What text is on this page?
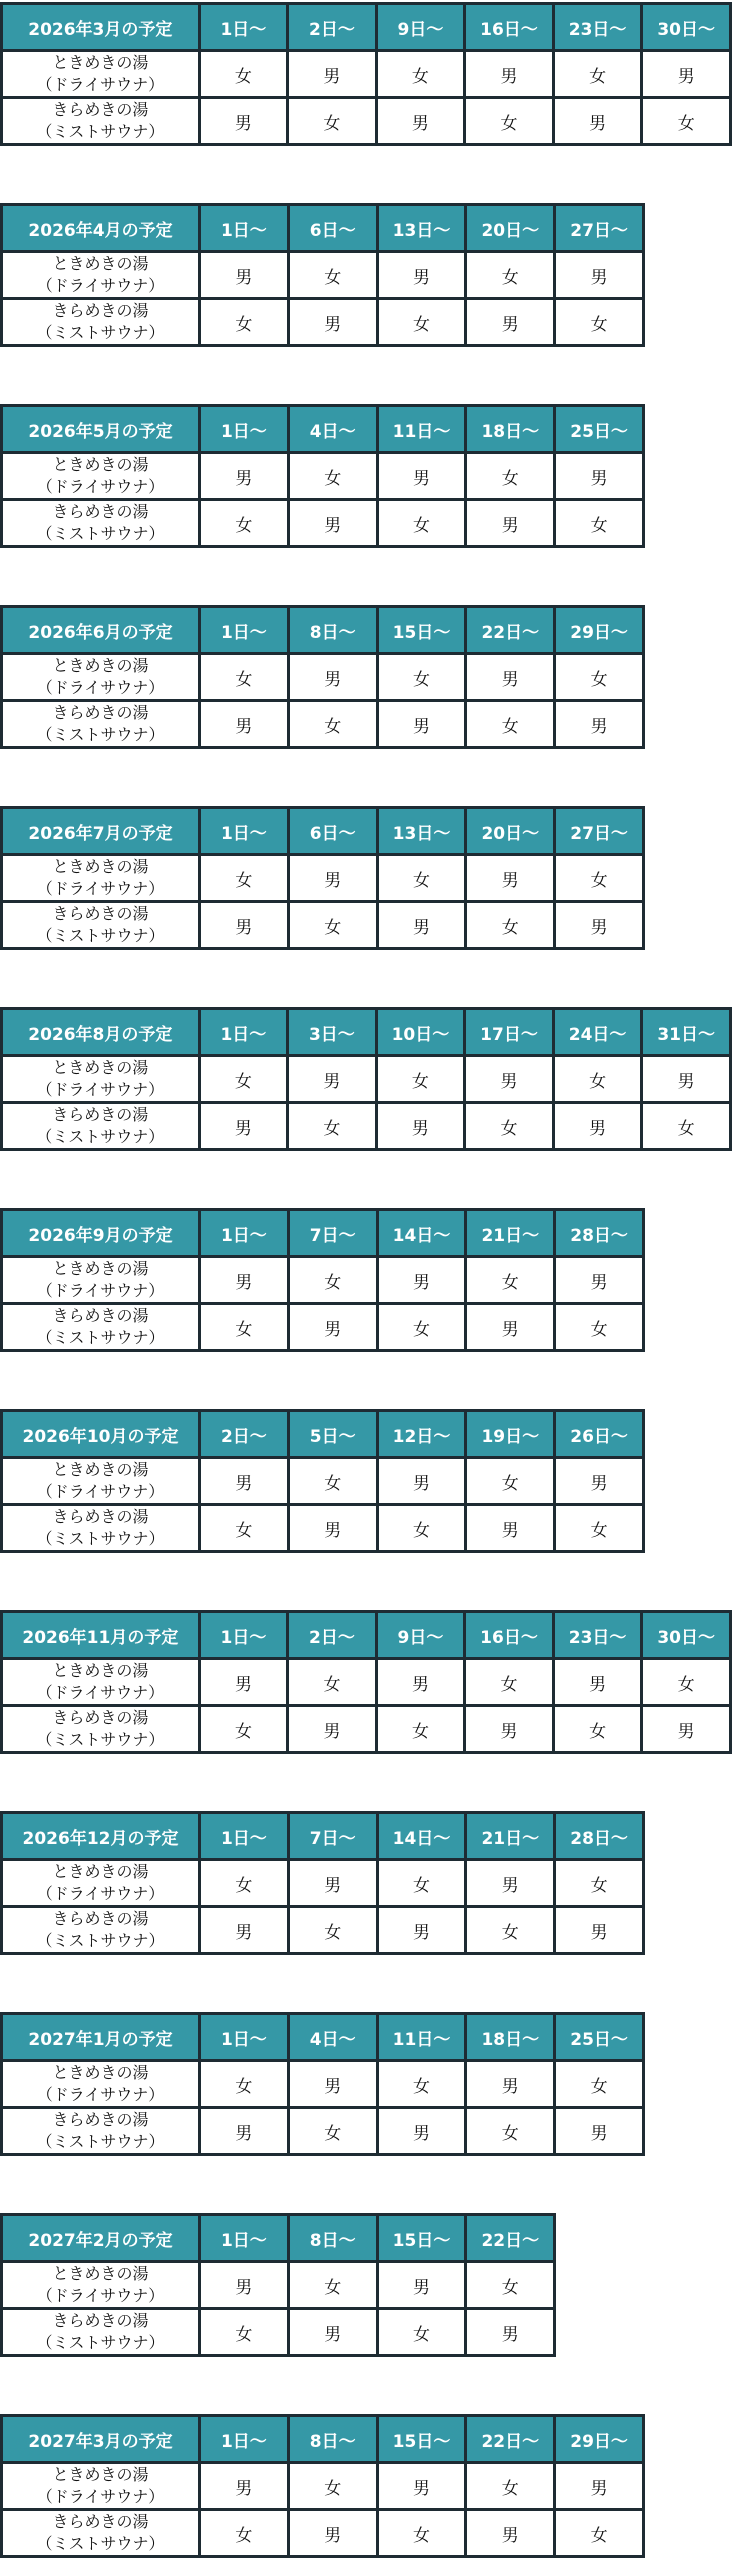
2026年3月の予定	1日～	2日～	9日～	16日～	23日～	30日～

ときめきの湯
（ドライサウナ）	女	男	女	男	女	男

きらめきの湯
（ミストサウナ）	男	女	男	女	男	女
2026年4月の予定	1日～	6日～	13日～	20日～	27日～

ときめきの湯
（ドライサウナ）	男	女	男	女	男

きらめきの湯
（ミストサウナ）	女	男	女	男	女
2026年5月の予定	1日～	4日～	11日～	18日～	25日～

ときめきの湯
（ドライサウナ）	男	女	男	女	男

きらめきの湯
（ミストサウナ）	女	男	女	男	女
2026年6月の予定	1日～	8日～	15日～	22日～	29日～

ときめきの湯
（ドライサウナ）	女	男	女	男	女

きらめきの湯
（ミストサウナ）	男	女	男	女	男
2026年7月の予定	1日～	6日～	13日～	20日～	27日～

ときめきの湯
（ドライサウナ）	女	男	女	男	女

きらめきの湯
（ミストサウナ）	男	女	男	女	男
2026年8月の予定	1日～	3日～	10日～	17日～	24日～	31日～

ときめきの湯
（ドライサウナ）	女	男	女	男	女	男

きらめきの湯
（ミストサウナ）	男	女	男	女	男	女
2026年9月の予定	1日～	7日～	14日～	21日～	28日～

ときめきの湯
（ドライサウナ）	男	女	男	女	男

きらめきの湯
（ミストサウナ）	女	男	女	男	女
2026年10月の予定	2日～	5日～	12日～	19日～	26日～

ときめきの湯
（ドライサウナ）	男	女	男	女	男

きらめきの湯
（ミストサウナ）	女	男	女	男	女
2026年11月の予定	1日～	2日～	9日～	16日～	23日～	30日～

ときめきの湯
（ドライサウナ）	男	女	男	女	男	女

きらめきの湯
（ミストサウナ）	女	男	女	男	女	男
2026年12月の予定	1日～	7日～	14日～	21日～	28日～

ときめきの湯
（ドライサウナ）	女	男	女	男	女

きらめきの湯
（ミストサウナ）	男	女	男	女	男
2027年1月の予定	1日～	4日～	11日～	18日～	25日～

ときめきの湯
（ドライサウナ）	女	男	女	男	女

きらめきの湯
（ミストサウナ）	男	女	男	女	男
2027年2月の予定	1日～	8日～	15日～	22日～

ときめきの湯
（ドライサウナ）	男	女	男	女

きらめきの湯
（ミストサウナ）	女	男	女	男
2027年3月の予定	1日～	8日～	15日～	22日～	29日～

ときめきの湯
（ドライサウナ）	男	女	男	女	男

きらめきの湯
（ミストサウナ）	女	男	女	男	女
